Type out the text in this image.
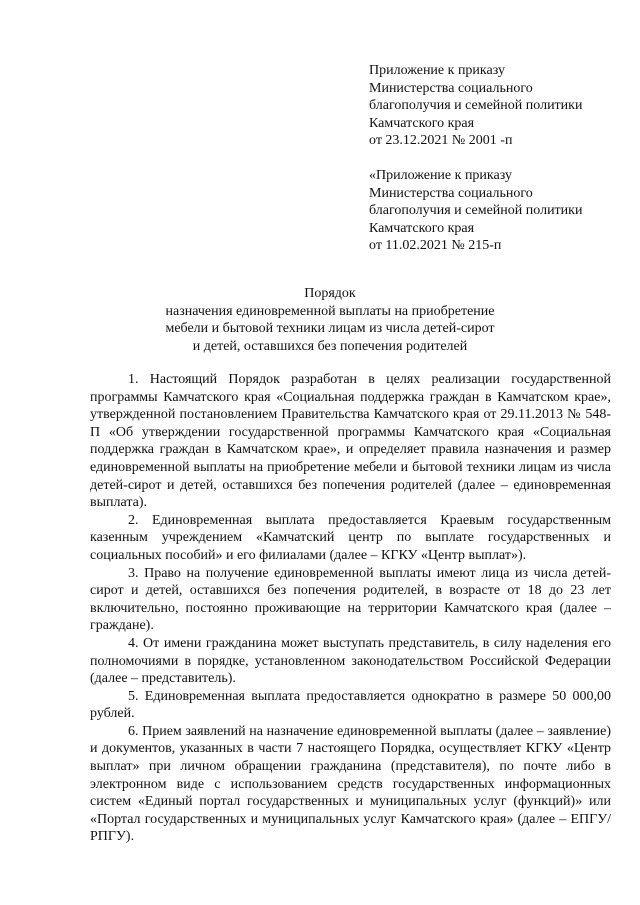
Приложение к приказу
Министерства социального
благополучия и семейной политики
Камчатского края
от 23.12.2021 № 2001 -п
«Приложение к приказу
Министерства социального
благополучия и семейной политики
Камчатского края
от 11.02.2021 № 215-п
Порядок
назначения единовременной выплаты на приобретение
мебели и бытовой техники лицам из числа детей-сирот
и детей, оставшихся без попечения родителей

1. Настоящий Порядок разработан в целях реализации государственной программы Камчатского края «Социальная поддержка граждан в Камчатском крае», утвержденной постановлением Правительства Камчатского края от 29.11.2013 № 548-П «Об утверждении государственной программы Камчатского края «Социальная поддержка граждан в Камчатском крае», и определяет правила назначения и размер единовременной выплаты на приобретение мебели и бытовой техники лицам из числа детей-сирот и детей, оставшихся без попечения родителей (далее – единовременная выплата).

2. Единовременная выплата предоставляется Краевым государственным казенным учреждением «Камчатский центр по выплате государственных и социальных пособий» и его филиалами (далее – КГКУ «Центр выплат»).

3. Право на получение единовременной выплаты имеют лица из числа детей-сирот и детей, оставшихся без попечения родителей, в возрасте от 18 до 23 лет включительно, постоянно проживающие на территории Камчатского края (далее – граждане).

4. От имени гражданина может выступать представитель, в силу наделения его полномочиями в порядке, установленном законодательством Российской Федерации (далее – представитель).

5. Единовременная выплата предоставляется однократно в размере 50 000,00 рублей.

6. Прием заявлений на назначение единовременной выплаты (далее – заявление) и документов, указанных в части 7 настоящего Порядка, осуществляет КГКУ «Центр выплат» при личном обращении гражданина (представителя), по почте либо в электронном виде с использованием средств государственных информационных систем «Единый портал государственных и муниципальных услуг (функций)» или «Портал государственных и муниципальных услуг Камчатского края» (далее – ЕПГУ/РПГУ).
